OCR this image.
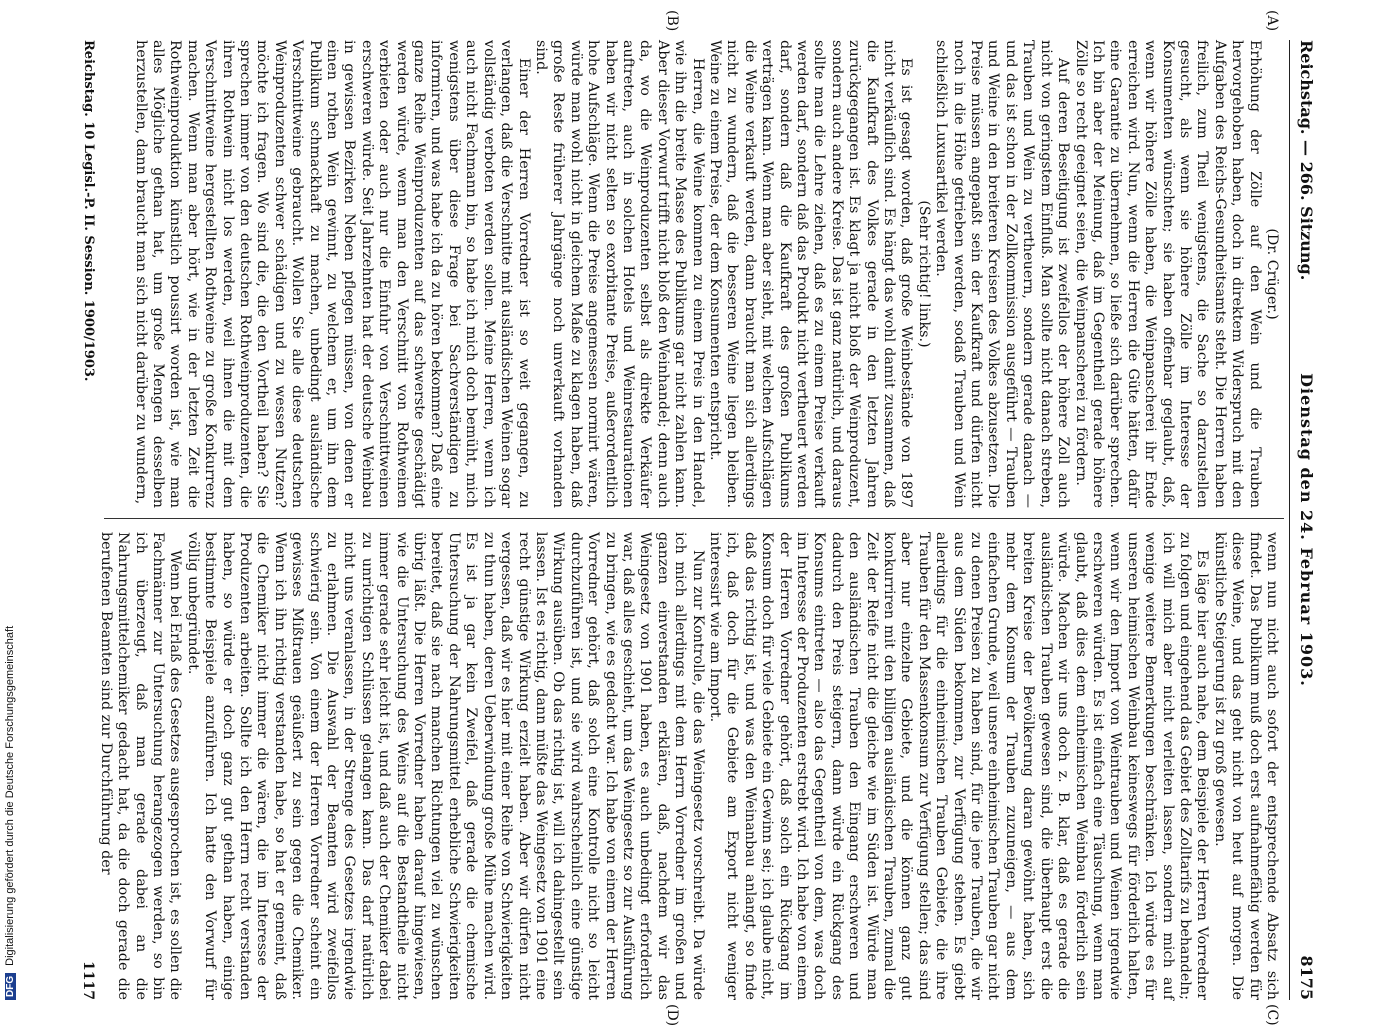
Reichstag. — 266. Sitzung.
Dienstag den 24. Februar 1903.
8175
(A)
(B)
(C)
(D)

(Dr. Crüger.)

Erhöhung der Zölle auf den Wein und die Trauben hervorgehoben haben, doch in direktem Widerspruch mit den Aufgaben des Reichs-Gesundheitsamts steht. Die Herren haben freilich, zum Theil wenigstens, die Sache so darzustellen gesucht, als wenn sie höhere Zölle im Interesse der Konsumenten wünschten; sie haben offenbar geglaubt, daß, wenn wir höhere Zölle haben, die Weinpanscherei ihr Ende erreichen wird. Nun, wenn die Herren die Güte hätten, dafür eine Garantie zu übernehmen, so ließe sich darüber sprechen. Ich bin aber der Meinung, daß im Gegentheil gerade höhere Zölle so recht geeignet seien, die Weinpanscherei zu fördern.

Auf deren Beseitigung ist zweifellos der höhere Zoll auch nicht von geringstem Einfluß. Man sollte nicht danach streben, Trauben und Wein zu vertheuern, sondern gerade danach — und das ist schon in der Zollkommission ausgeführt — Trauben und Weine in den breiteren Kreisen des Volkes abzusetzen. Die Preise müssen angepaßt sein der Kaufkraft und dürfen nicht noch in die Höhe getrieben werden, sodaß Trauben und Wein schließlich Luxusartikel werden.

(Sehr richtig! links.)

Es ist gesagt worden, daß große Weinbestände von 1897 nicht verkäuflich sind. Es hängt das wohl damit zusammen, daß die Kaufkraft des Volkes gerade in den letzten Jahren zurückgegangen ist. Es klagt ja nicht bloß der Weinproduzent, sondern auch andere Kreise. Das ist ganz natürlich, und daraus sollte man die Lehre ziehen, daß es zu einem Preise verkauft werden darf, sondern daß das Produkt nicht vertheuert werden darf, sondern daß die Kaufkraft des großen Publikums verträgen kann. Wenn man aber sieht, mit welchen Aufschlägen die Weine verkauft werden, dann braucht man sich allerdings nicht zu wundern, daß die besseren Weine liegen bleiben. Weine zu einem Preise, der dem Konsumenten entspricht.

Herren, die Weine kommen zu einem Preis in den Handel, wie ihn die breite Masse des Publikums gar nicht zahlen kann. Aber dieser Vorwurf trifft nicht bloß den Weinhandel; denn auch da, wo die Weinproduzenten selbst als direkte Verkäufer auftreten, auch in solchen Hotels und Weinrestaurationen haben wir nicht selten so exorbitante Preise, außerordentlich hohe Aufschläge. Wenn die Preise angemessen normirt wären, würde man wohl nicht in gleichem Maße zu klagen haben, daß große Reste früherer Jahrgänge noch unverkauft vorhanden sind.

Einer der Herren Vorredner ist so weit gegangen, zu verlangen, daß die Verschnitte mit ausländischen Weinen sogar vollständig verboten werden sollen. Meine Herren, wenn ich auch nicht Fachmann bin, so habe ich mich doch bemüht, mich wenigstens über diese Frage bei Sachverständigen zu informiren, und was habe ich da zu hören bekommen? Daß eine ganze Reihe Weinproduzenten auf das schwerste geschädigt werden würde, wenn man den Verschnitt von Rothweinen verbieten oder auch nur die Einfuhr von Verschnittweinen erschweren würde. Seit Jahrzehnten hat der deutsche Weinbau in gewissen Bezirken Neben pflegen müssen, von denen er einen rothen Wein gewinnt, zu welchem er, um ihn dem Publikum schmackhaft zu machen, unbedingt ausländische Verschnittweine gebraucht. Wollen Sie alle diese deutschen Weinproduzenten schwer schädigen und zu wessen Nutzen? möchte ich fragen. Wo sind die, die den Vortheil haben? Sie sprechen immer von den deutschen Rothweinproduzenten, die ihren Rothwein nicht los werden, weil ihnen die mit dem Verschnittweine hergestellten Rothweine zu große Konkurrenz machen. Wenn man aber hört, wie in der letzten Zeit die Rothweinproduktion künstlich poussirt worden ist, wie man alles Mögliche gethan hat, um große Mengen desselben herzustellen, dann braucht man sich nicht darüber zu wundern,

wenn nun nicht auch sofort der entsprechende Absatz sich findet. Das Publikum muß doch erst aufnahmefähig werden für diese Weine, und das geht nicht von heut auf morgen. Die künstliche Steigerung ist zu groß gewesen.

Es läge hier auch nahe, dem Beispiele der Herren Vorredner zu folgen und eingehend das Gebiet des Zolltarifs zu behandeln; ich will mich aber nicht verleiten lassen, sondern mich auf wenige weitere Bemerkungen beschränken. Ich würde es für unseren heimischen Weinbau keineswegs für förderlich halten, wenn wir den Import von Weintrauben und Weinen irgendwie erschweren würden. Es ist einfach eine Täuschung, wenn man glaubt, daß dies dem einheimischen Weinbau förderlich sein würde. Machen wir uns doch z. B. klar, daß es gerade die ausländischen Trauben gewesen sind, die überhaupt erst die breiten Kreise der Bevölkerung daran gewöhnt haben, sich mehr dem Konsum der Trauben zuzuneigen, — aus dem einfachen Grunde, weil unsere einheimischen Trauben gar nicht zu denen Preisen zu haben sind, für die jene Trauben, die wir aus dem Süden bekommen, zur Verfügung stehen. Es giebt allerdings für die einheimischen Trauben Gebiete, die ihre Trauben für den Massenkonsum zur Verfügung stellen; das sind aber nur einzelne Gebiete, und die können ganz gut konkurriren mit den billigen ausländischen Trauben, zumal die Zeit der Reife nicht die gleiche wie im Süden ist. Würde man den ausländischen Trauben den Eingang erschweren und dadurch den Preis steigern, dann würde ein Rückgang des Konsums eintreten — also das Gegentheil von dem, was doch im Interesse der Produzenten erstrebt wird. Ich habe von einem der Herren Vorredner gehört, daß solch ein Rückgang im Konsum doch für viele Gebiete ein Gewinn sei; ich glaube nicht, daß das richtig ist, und was den Weinanbau anlangt, so finde ich, daß doch für die Gebiete am Export nicht weniger interessirt wie am Import.

Nun zur Kontrolle, die das Weingesetz vorschreibt. Da würde ich mich allerdings mit dem Herrn Vorredner im großen und ganzen einverstanden erklären, daß, nachdem wir das Weingesetz von 1901 haben, es auch unbedingt erforderlich war, daß alles geschieht, um das Weingesetz so zur Ausführung zu bringen, wie es gedacht war. Ich habe von einem der Herren Vorredner gehört, daß solch eine Kontrolle nicht so leicht durchzuführen ist, und sie wird wahrscheinlich eine günstige Wirkung ausüben. Ob das richtig ist, will ich dahingestellt sein lassen. Ist es richtig, dann müßte das Weingesetz von 1901 eine recht günstige Wirkung erzielt haben. Aber wir dürfen nicht vergessen, daß wir es hier mit einer Reihe von Schwierigkeiten zu thun haben, deren Ueberwindung große Mühe machen wird. Es ist ja gar kein Zweifel, daß gerade die chemische Untersuchung der Nahrungsmittel erhebliche Schwierigkeiten bereitet, daß sie nach manchen Richtungen viel zu wünschen übrig läßt. Die Herren Vorredner haben darauf hingewiesen, wie die Untersuchung des Weins auf die Bestandtheile nicht immer gerade sehr leicht ist, und daß auch der Chemiker dabei zu unrichtigen Schlüssen gelangen kann. Das darf natürlich nicht uns veranlassen, in der Strenge des Gesetzes irgendwie zu erlahmen. Die Auswahl der Beamten wird zweifellos schwierig sein. Von einem der Herren Vorredner scheint ein gewisses Mißtrauen geäußert zu sein gegen die Chemiker. Wenn ich ihn richtig verstanden habe, so hat er gemeint, daß die Chemiker nicht immer die wären, die im Interesse der Produzenten arbeiten. Sollte ich den Herrn recht verstanden haben, so würde er doch ganz gut gethan haben, einige bestimmte Beispiele anzuführen. Ich hatte den Vorwurf für völlig unbegründet.

Wenn bei Erlaß des Gesetzes ausgesprochen ist, es sollen die Fachmänner zur Untersuchung herangezogen werden, so bin ich überzeugt, daß man gerade dabei an die Nahrungsmittelchemiker gedacht hat, da die doch gerade die berufenen Beamten sind zur Durchführung der

Reichstag. 10 Legisl.-P. II. Session. 1900/1903.
1117
DFG Digitalisierung gefördert durch die Deutsche Forschungsgemeinschaft
